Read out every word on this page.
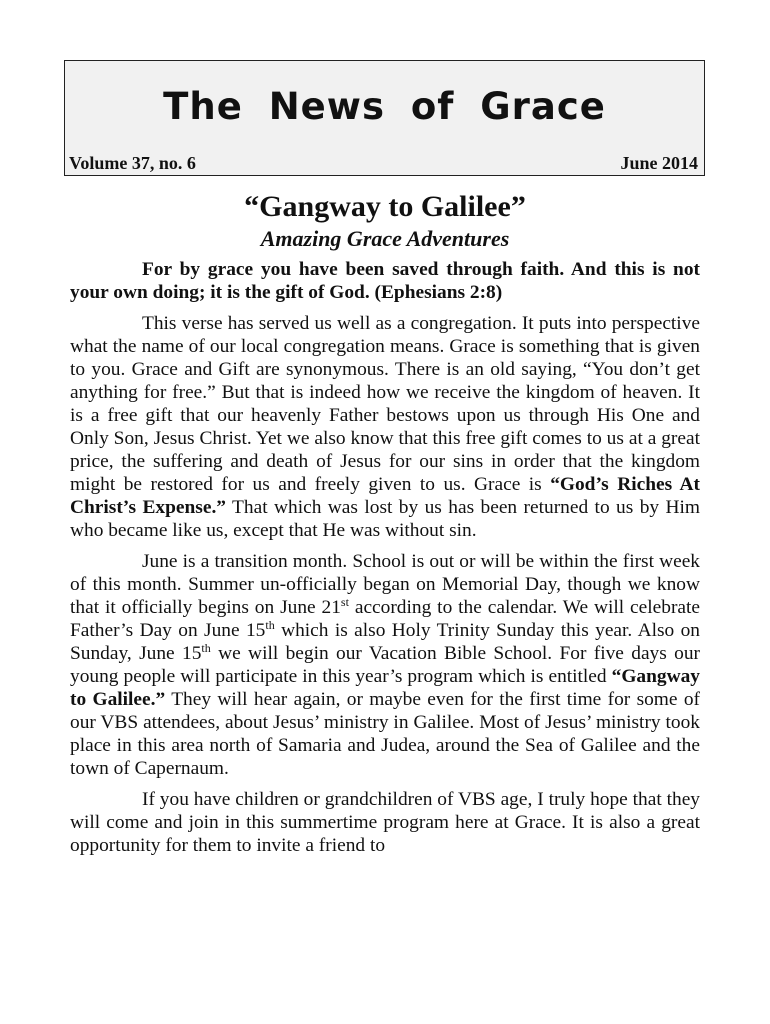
The News of Grace
Volume 37, no. 6	June 2014
“Gangway to Galilee”
Amazing Grace Adventures

For by grace you have been saved through faith. And this is not your own doing; it is the gift of God. (Ephesians 2:8)

This verse has served us well as a congregation. It puts into perspective what the name of our local congregation means. Grace is something that is given to you. Grace and Gift are synonymous. There is an old saying, “You don’t get anything for free.” But that is indeed how we receive the kingdom of heaven. It is a free gift that our heavenly Father bestows upon us through His One and Only Son, Jesus Christ. Yet we also know that this free gift comes to us at a great price, the suffering and death of Jesus for our sins in order that the kingdom might be restored for us and freely given to us. Grace is “God’s Riches At Christ’s Expense.” That which was lost by us has been returned to us by Him who became like us, except that He was without sin.

June is a transition month. School is out or will be within the first week of this month. Summer un-officially began on Memorial Day, though we know that it officially begins on June 21st according to the calendar. We will celebrate Father’s Day on June 15th which is also Holy Trinity Sunday this year. Also on Sunday, June 15th we will begin our Vacation Bible School. For five days our young people will participate in this year’s program which is entitled “Gangway to Galilee.” They will hear again, or maybe even for the first time for some of our VBS attendees, about Jesus’ ministry in Galilee. Most of Jesus’ ministry took place in this area north of Samaria and Judea, around the Sea of Galilee and the town of Capernaum.

If you have children or grandchildren of VBS age, I truly hope that they will come and join in this summertime program here at Grace. It is also a great opportunity for them to invite a friend to
